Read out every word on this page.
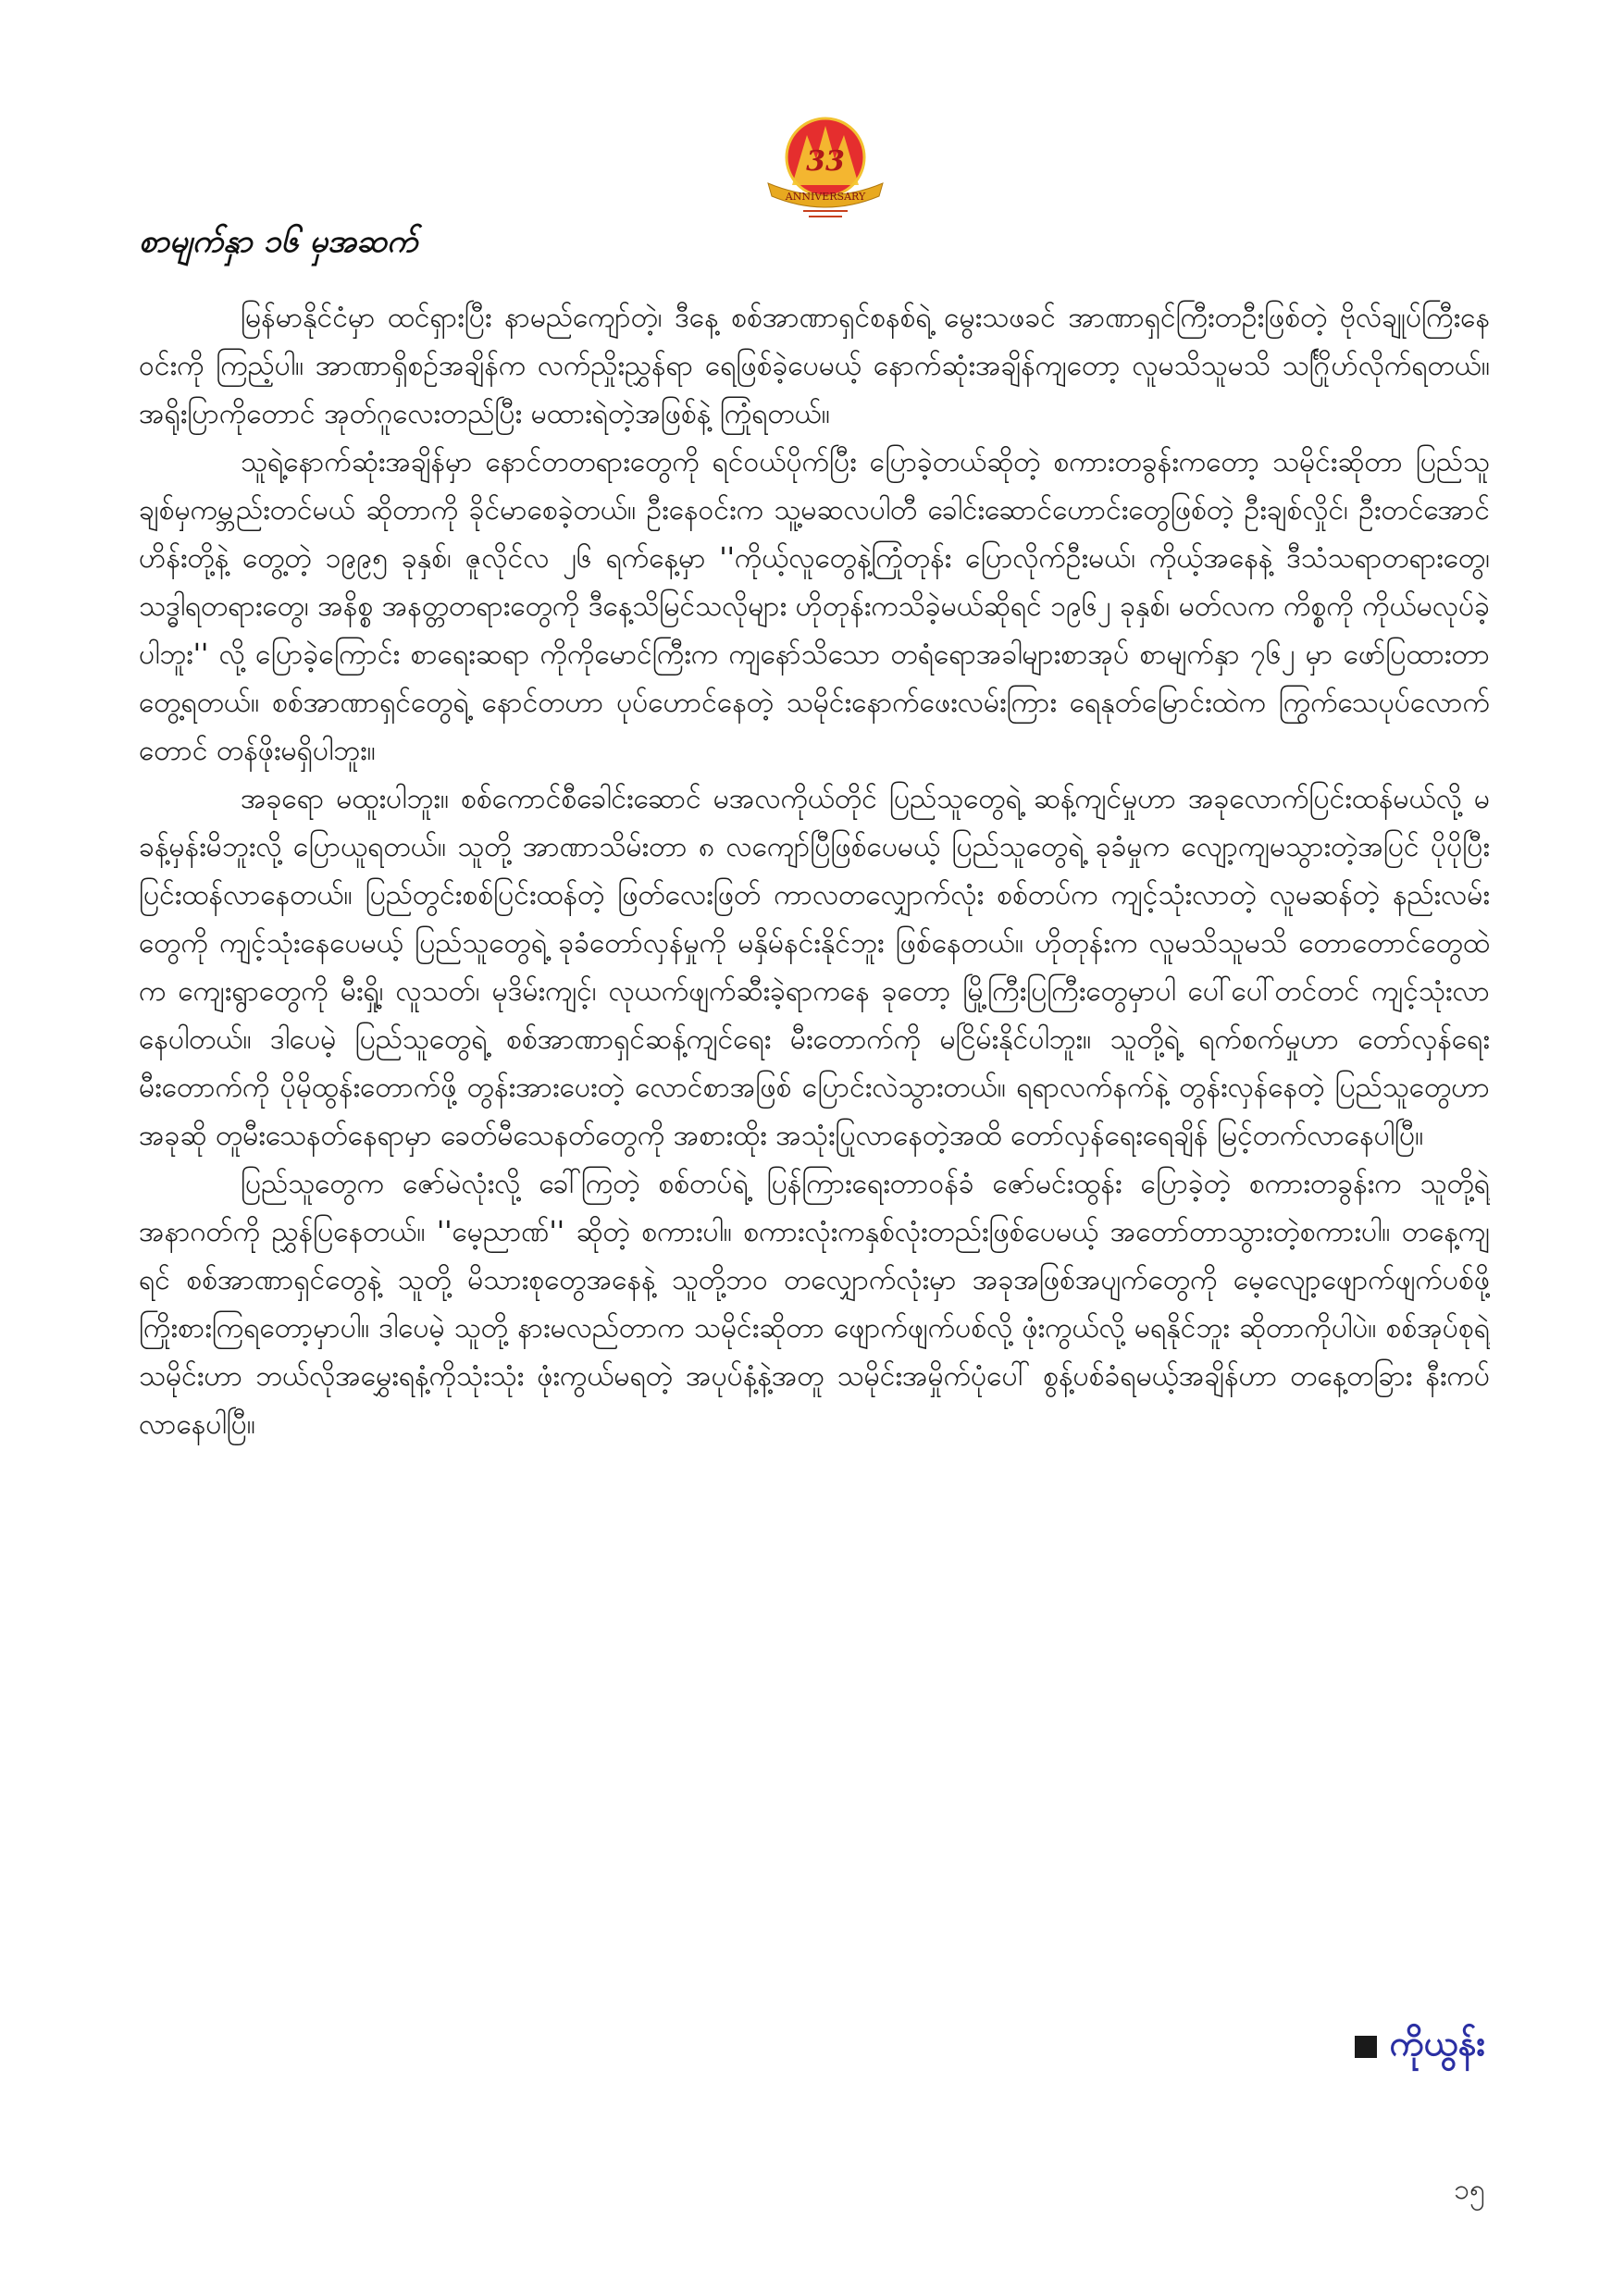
33
ANNIVERSARY
စာမျက်နှာ ၁၆ မှအဆက်

မြန်မာနိုင်ငံမှာ ထင်ရှားပြီး နာမည်ကျော်တဲ့၊ ဒီနေ့ စစ်အာဏာရှင်စနစ်ရဲ့ မွေးသဖခင် အာဏာရှင်ကြီးတဦးဖြစ်တဲ့ ဗိုလ်ချုပ်ကြီးနေဝင်းကို ကြည့်ပါ။ အာဏာရှိစဉ်အချိန်က လက်ညှိုးညွှန်ရာ ရေဖြစ်ခဲ့ပေမယ့် နောက်ဆုံးအချိန်ကျတော့ လူမသိသူမသိ သင်္ဂြိုဟ်လိုက်ရတယ်။ အရိုးပြာကိုတောင် အုတ်ဂူလေးတည်ပြီး မထားရဲတဲ့အဖြစ်နဲ့ ကြုံရတယ်။

သူရဲ့နောက်ဆုံးအချိန်မှာ နောင်တတရားတွေကို ရင်ဝယ်ပိုက်ပြီး ပြောခဲ့တယ်ဆိုတဲ့ စကားတခွန်းကတော့ သမိုင်းဆိုတာ ပြည်သူချစ်မှကမ္ဘည်းတင်မယ် ဆိုတာကို ခိုင်မာစေခဲ့တယ်။ ဦးနေဝင်းက သူ့မဆလပါတီ ခေါင်းဆောင်ဟောင်းတွေဖြစ်တဲ့ ဦးချစ်လှိုင်၊ ဦးတင်အောင်ဟိန်းတို့နဲ့ တွေ့တဲ့ ၁၉၉၅ ခုနှစ်၊ ဇူလိုင်လ ၂၆ ရက်နေ့မှာ ''ကိုယ့်လူတွေနဲ့ကြုံတုန်း ပြောလိုက်ဦးမယ်၊ ကိုယ့်အနေနဲ့ ဒီသံသရာတရားတွေ၊ သဒ္ဓါရတရားတွေ၊ အနိစ္စ အနတ္တတရားတွေကို ဒီနေ့သိမြင်သလိုများ ဟိုတုန်းကသိခဲ့မယ်ဆိုရင် ၁၉၆၂ ခုနှစ်၊ မတ်လက ကိစ္စကို ကိုယ်မလုပ်ခဲ့ပါဘူး'' လို့ ပြောခဲ့ကြောင်း စာရေးဆရာ ကိုကိုမောင်ကြီးက ကျနော်သိသော တရံရောအခါများစာအုပ် စာမျက်နှာ ၇၆၂ မှာ ဖော်ပြထားတာ တွေ့ရတယ်။ စစ်အာဏာရှင်တွေရဲ့ နောင်တဟာ ပုပ်ဟောင်နေတဲ့ သမိုင်းနောက်ဖေးလမ်းကြား ရေနုတ်မြောင်းထဲက ကြွက်သေပုပ်လောက်တောင် တန်ဖိုးမရှိပါဘူး။

အခုရော မထူးပါဘူး။ စစ်ကောင်စီခေါင်းဆောင် မအလကိုယ်တိုင် ပြည်သူတွေရဲ့ ဆန့်ကျင်မှုဟာ အခုလောက်ပြင်းထန်မယ်လို့ မခန့်မှန်းမိဘူးလို့ ပြောယူရတယ်။ သူတို့ အာဏာသိမ်းတာ ၈ လကျော်ပြီဖြစ်ပေမယ့် ပြည်သူတွေရဲ့ ခုခံမှုက လျော့ကျမသွားတဲ့အပြင် ပိုပိုပြီး ပြင်းထန်လာနေတယ်။ ပြည်တွင်းစစ်ပြင်းထန်တဲ့ ဖြတ်လေးဖြတ် ကာလတလျှောက်လုံး စစ်တပ်က ကျင့်သုံးလာတဲ့ လူမဆန်တဲ့ နည်းလမ်းတွေကို ကျင့်သုံးနေပေမယ့် ပြည်သူတွေရဲ့ ခုခံတော်လှန်မှုကို မနှိမ်နင်းနိုင်ဘူး ဖြစ်နေတယ်။ ဟိုတုန်းက လူမသိသူမသိ တောတောင်တွေထဲက ကျေးရွာတွေကို မီးရှို့၊ လူသတ်၊ မုဒိမ်းကျင့်၊ လုယက်ဖျက်ဆီးခဲ့ရာကနေ ခုတော့ မြို့ကြီးပြကြီးတွေမှာပါ ပေါ်ပေါ်တင်တင် ကျင့်သုံးလာနေပါတယ်။ ဒါပေမဲ့ ပြည်သူတွေရဲ့ စစ်အာဏာရှင်ဆန့်ကျင်ရေး မီးတောက်ကို မငြိမ်းနိုင်ပါဘူး။ သူတို့ရဲ့ ရက်စက်မှုဟာ တော်လှန်ရေးမီးတောက်ကို ပိုမိုထွန်းတောက်ဖို့ တွန်းအားပေးတဲ့ လောင်စာအဖြစ် ပြောင်းလဲသွားတယ်။ ရရာလက်နက်နဲ့ တွန်းလှန်နေတဲ့ ပြည်သူတွေဟာ အခုဆို တူမီးသေနတ်နေရာမှာ ခေတ်မီသေနတ်တွေကို အစားထိုး အသုံးပြုလာနေတဲ့အထိ တော်လှန်ရေးရေချိန် မြင့်တက်လာနေပါပြီ။

ပြည်သူတွေက ဇော်မဲလုံးလို့ ခေါ်ကြတဲ့ စစ်တပ်ရဲ့ ပြန်ကြားရေးတာဝန်ခံ ဇော်မင်းထွန်း ပြောခဲ့တဲ့ စကားတခွန်းက သူတို့ရဲ့ အနာဂတ်ကို ညွှန်ပြနေတယ်။ ''မေ့ညာဏ်'' ဆိုတဲ့ စကားပါ။ စကားလုံးကနှစ်လုံးတည်းဖြစ်ပေမယ့် အတော်တာသွားတဲ့စကားပါ။ တနေ့ကျရင် စစ်အာဏာရှင်တွေနဲ့ သူတို့ မိသားစုတွေအနေနဲ့ သူတို့ဘဝ တလျှောက်လုံးမှာ အခုအဖြစ်အပျက်တွေကို မေ့လျော့ဖျောက်ဖျက်ပစ်ဖို့ ကြိုးစားကြရတော့မှာပါ။ ဒါပေမဲ့ သူတို့ နားမလည်တာက သမိုင်းဆိုတာ ဖျောက်ဖျက်ပစ်လို့ ဖုံးကွယ်လို့ မရနိုင်ဘူး ဆိုတာကိုပါပဲ။ စစ်အုပ်စုရဲ့သမိုင်းဟာ ဘယ်လိုအမွှေးရနံ့ကိုသုံးသုံး ဖုံးကွယ်မရတဲ့ အပုပ်နံ့နဲ့အတူ သမိုင်းအမှိုက်ပုံပေါ် စွန့်ပစ်ခံရမယ့်အချိန်ဟာ တနေ့တခြား နီးကပ်လာနေပါပြီ။

ကိုယွန်း
၁၅
